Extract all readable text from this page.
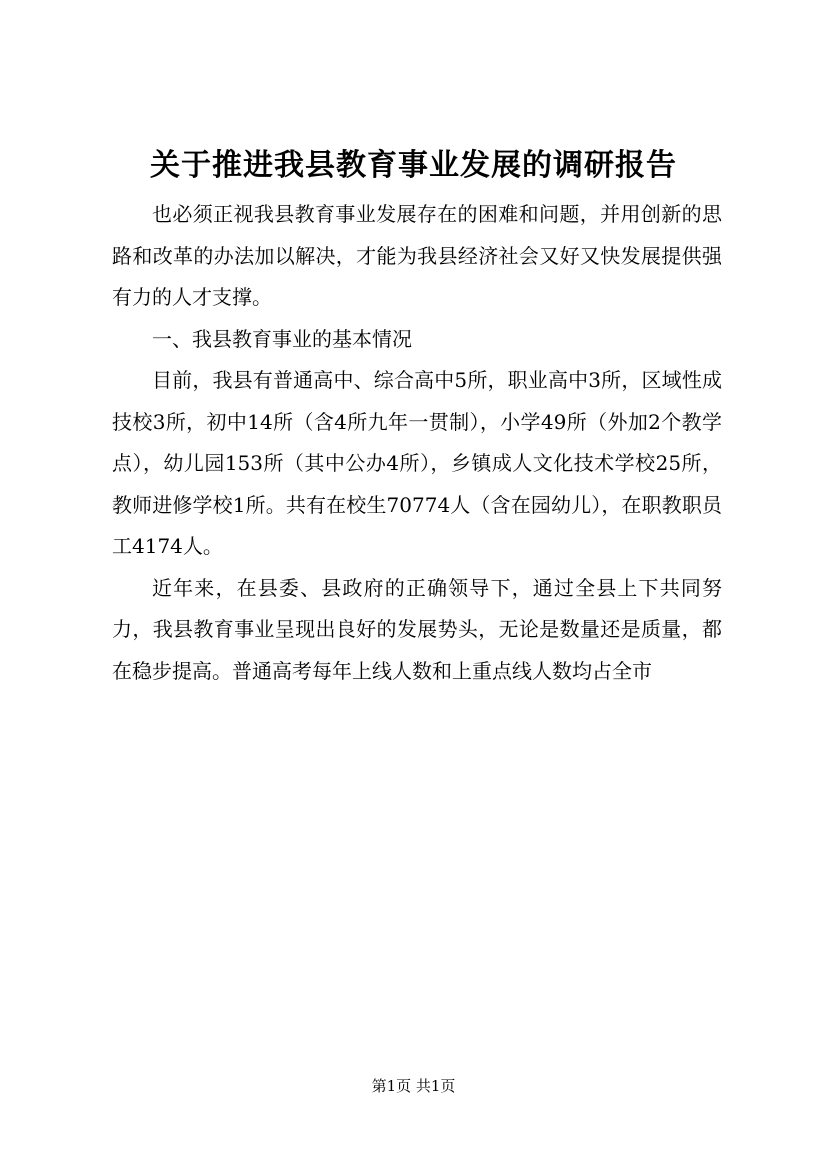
关于推进我县教育事业发展的调研报告

也必须正视我县教育事业发展存在的困难和问题，并用创新的思路和改革的办法加以解决，才能为我县经济社会又好又快发展提供强有力的人才支撑。

一、我县教育事业的基本情况

目前，我县有普通高中、综合高中5所，职业高中3所，区域性成技校3所，初中14所（含4所九年一贯制），小学49所（外加2个教学点），幼儿园153所（其中公办4所），乡镇成人文化技术学校25所，教师进修学校1所。共有在校生70774人（含在园幼儿），在职教职员工4174人。

近年来，在县委、县政府的正确领导下，通过全县上下共同努力，我县教育事业呈现出良好的发展势头，无论是数量还是质量，都在稳步提高。普通高考每年上线人数和上重点线人数均占全市

第1页 共1页
